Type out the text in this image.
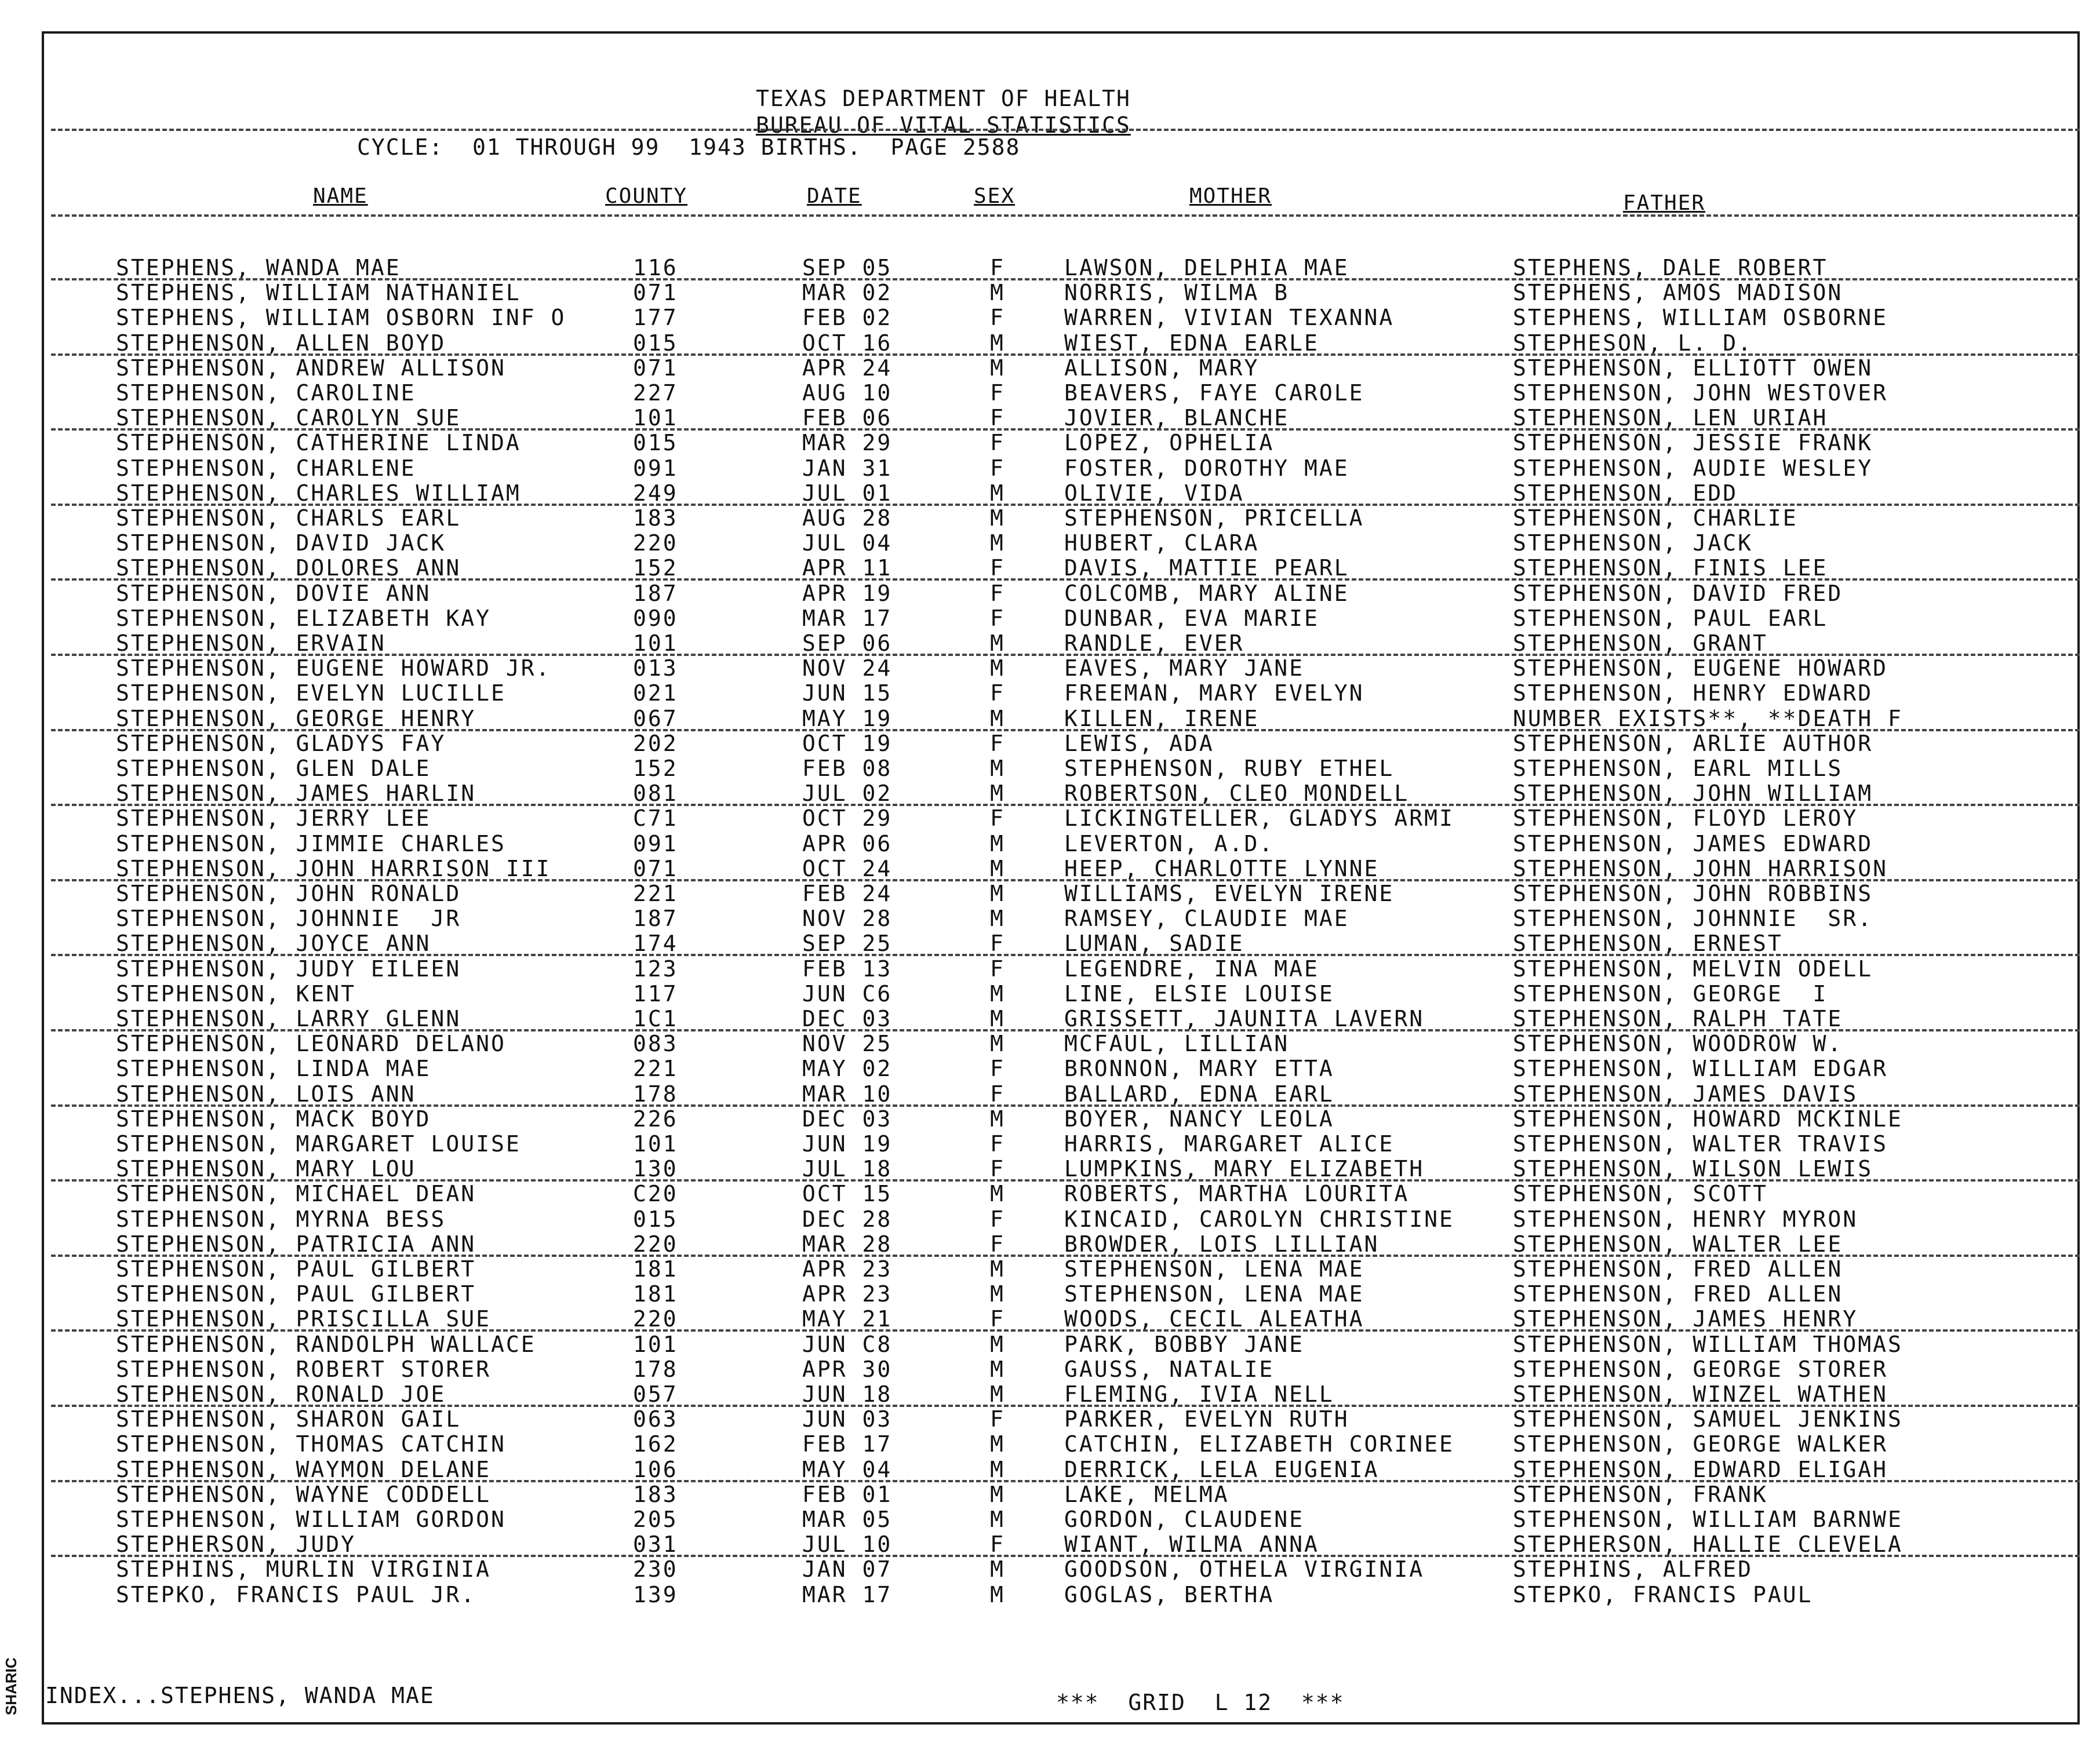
TEXAS DEPARTMENT OF HEALTH
BUREAU OF VITAL STATISTICS
CYCLE:  01 THROUGH 99  1943 BIRTHS.  PAGE 2588
NAME	COUNTY	DATE	SEX	MOTHER	FATHER
STEPHENS, WANDA MAE	116	SEP 05	F	LAWSON, DELPHIA MAE	STEPHENS, DALE ROBERT
STEPHENS, WILLIAM NATHANIEL	071	MAR 02	M	NORRIS, WILMA B	STEPHENS, AMOS MADISON
STEPHENS, WILLIAM OSBORN INF O	177	FEB 02	F	WARREN, VIVIAN TEXANNA	STEPHENS, WILLIAM OSBORNE
STEPHENSON, ALLEN BOYD	015	OCT 16	M	WIEST, EDNA EARLE	STEPHESON, L. D.
STEPHENSON, ANDREW ALLISON	071	APR 24	M	ALLISON, MARY	STEPHENSON, ELLIOTT OWEN
STEPHENSON, CAROLINE	227	AUG 10	F	BEAVERS, FAYE CAROLE	STEPHENSON, JOHN WESTOVER
STEPHENSON, CAROLYN SUE	101	FEB 06	F	JOVIER, BLANCHE	STEPHENSON, LEN URIAH
STEPHENSON, CATHERINE LINDA	015	MAR 29	F	LOPEZ, OPHELIA	STEPHENSON, JESSIE FRANK
STEPHENSON, CHARLENE	091	JAN 31	F	FOSTER, DOROTHY MAE	STEPHENSON, AUDIE WESLEY
STEPHENSON, CHARLES WILLIAM	249	JUL 01	M	OLIVIE, VIDA	STEPHENSON, EDD
STEPHENSON, CHARLS EARL	183	AUG 28	M	STEPHENSON, PRICELLA	STEPHENSON, CHARLIE
STEPHENSON, DAVID JACK	220	JUL 04	M	HUBERT, CLARA	STEPHENSON, JACK
STEPHENSON, DOLORES ANN	152	APR 11	F	DAVIS, MATTIE PEARL	STEPHENSON, FINIS LEE
STEPHENSON, DOVIE ANN	187	APR 19	F	COLCOMB, MARY ALINE	STEPHENSON, DAVID FRED
STEPHENSON, ELIZABETH KAY	090	MAR 17	F	DUNBAR, EVA MARIE	STEPHENSON, PAUL EARL
STEPHENSON, ERVAIN	101	SEP 06	M	RANDLE, EVER	STEPHENSON, GRANT
STEPHENSON, EUGENE HOWARD JR.	013	NOV 24	M	EAVES, MARY JANE	STEPHENSON, EUGENE HOWARD
STEPHENSON, EVELYN LUCILLE	021	JUN 15	F	FREEMAN, MARY EVELYN	STEPHENSON, HENRY EDWARD
STEPHENSON, GEORGE HENRY	067	MAY 19	M	KILLEN, IRENE	NUMBER EXISTS**, **DEATH F
STEPHENSON, GLADYS FAY	202	OCT 19	F	LEWIS, ADA	STEPHENSON, ARLIE AUTHOR
STEPHENSON, GLEN DALE	152	FEB 08	M	STEPHENSON, RUBY ETHEL	STEPHENSON, EARL MILLS
STEPHENSON, JAMES HARLIN	081	JUL 02	M	ROBERTSON, CLEO MONDELL	STEPHENSON, JOHN WILLIAM
STEPHENSON, JERRY LEE	C71	OCT 29	F	LICKINGTELLER, GLADYS ARMI	STEPHENSON, FLOYD LEROY
STEPHENSON, JIMMIE CHARLES	091	APR 06	M	LEVERTON, A.D.	STEPHENSON, JAMES EDWARD
STEPHENSON, JOHN HARRISON III	071	OCT 24	M	HEEP, CHARLOTTE LYNNE	STEPHENSON, JOHN HARRISON
STEPHENSON, JOHN RONALD	221	FEB 24	M	WILLIAMS, EVELYN IRENE	STEPHENSON, JOHN ROBBINS
STEPHENSON, JOHNNIE  JR	187	NOV 28	M	RAMSEY, CLAUDIE MAE	STEPHENSON, JOHNNIE  SR.
STEPHENSON, JOYCE ANN	174	SEP 25	F	LUMAN, SADIE	STEPHENSON, ERNEST
STEPHENSON, JUDY EILEEN	123	FEB 13	F	LEGENDRE, INA MAE	STEPHENSON, MELVIN ODELL
STEPHENSON, KENT	117	JUN C6	M	LINE, ELSIE LOUISE	STEPHENSON, GEORGE  I
STEPHENSON, LARRY GLENN	1C1	DEC 03	M	GRISSETT, JAUNITA LAVERN	STEPHENSON, RALPH TATE
STEPHENSON, LEONARD DELANO	083	NOV 25	M	MCFAUL, LILLIAN	STEPHENSON, WOODROW W.
STEPHENSON, LINDA MAE	221	MAY 02	F	BRONNON, MARY ETTA	STEPHENSON, WILLIAM EDGAR
STEPHENSON, LOIS ANN	178	MAR 10	F	BALLARD, EDNA EARL	STEPHENSON, JAMES DAVIS
STEPHENSON, MACK BOYD	226	DEC 03	M	BOYER, NANCY LEOLA	STEPHENSON, HOWARD MCKINLE
STEPHENSON, MARGARET LOUISE	101	JUN 19	F	HARRIS, MARGARET ALICE	STEPHENSON, WALTER TRAVIS
STEPHENSON, MARY LOU	130	JUL 18	F	LUMPKINS, MARY ELIZABETH	STEPHENSON, WILSON LEWIS
STEPHENSON, MICHAEL DEAN	C20	OCT 15	M	ROBERTS, MARTHA LOURITA	STEPHENSON, SCOTT
STEPHENSON, MYRNA BESS	015	DEC 28	F	KINCAID, CAROLYN CHRISTINE	STEPHENSON, HENRY MYRON
STEPHENSON, PATRICIA ANN	220	MAR 28	F	BROWDER, LOIS LILLIAN	STEPHENSON, WALTER LEE
STEPHENSON, PAUL GILBERT	181	APR 23	M	STEPHENSON, LENA MAE	STEPHENSON, FRED ALLEN
STEPHENSON, PAUL GILBERT	181	APR 23	M	STEPHENSON, LENA MAE	STEPHENSON, FRED ALLEN
STEPHENSON, PRISCILLA SUE	220	MAY 21	F	WOODS, CECIL ALEATHA	STEPHENSON, JAMES HENRY
STEPHENSON, RANDOLPH WALLACE	101	JUN C8	M	PARK, BOBBY JANE	STEPHENSON, WILLIAM THOMAS
STEPHENSON, ROBERT STORER	178	APR 30	M	GAUSS, NATALIE	STEPHENSON, GEORGE STORER
STEPHENSON, RONALD JOE	057	JUN 18	M	FLEMING, IVIA NELL	STEPHENSON, WINZEL WATHEN
STEPHENSON, SHARON GAIL	063	JUN 03	F	PARKER, EVELYN RUTH	STEPHENSON, SAMUEL JENKINS
STEPHENSON, THOMAS CATCHIN	162	FEB 17	M	CATCHIN, ELIZABETH CORINEE	STEPHENSON, GEORGE WALKER
STEPHENSON, WAYMON DELANE	106	MAY 04	M	DERRICK, LELA EUGENIA	STEPHENSON, EDWARD ELIGAH
STEPHENSON, WAYNE CODDELL	183	FEB 01	M	LAKE, MELMA	STEPHENSON, FRANK
STEPHENSON, WILLIAM GORDON	205	MAR 05	M	GORDON, CLAUDENE	STEPHENSON, WILLIAM BARNWE
STEPHERSON, JUDY	031	JUL 10	F	WIANT, WILMA ANNA	STEPHERSON, HALLIE CLEVELA
STEPHINS, MURLIN VIRGINIA	230	JAN 07	M	GOODSON, OTHELA VIRGINIA	STEPHINS, ALFRED
STEPKO, FRANCIS PAUL JR.	139	MAR 17	M	GOGLAS, BERTHA	STEPKO, FRANCIS PAUL
INDEX...STEPHENS, WANDA MAE	***  GRID  L 12  ***
SHARIC
